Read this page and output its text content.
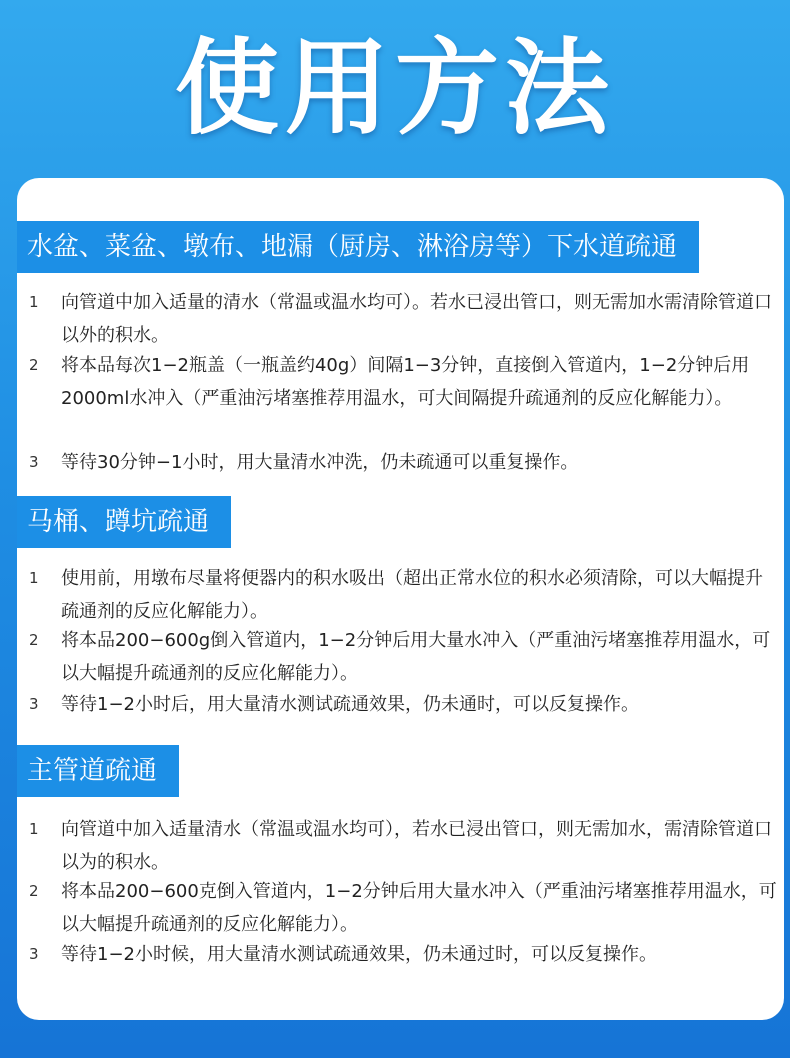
使用方法
水盆、菜盆、墩布、地漏（厨房、淋浴房等）下水道疏通
1	向管道中加入适量的清水（常温或温水均可）。若水已浸出管口，则无需加水需清除管道口以外的积水。
2	将本品每次1−2瓶盖（一瓶盖约40g）间隔1−3分钟，直接倒入管道内，1−2分钟后用2000ml水冲入（严重油污堵塞推荐用温水，可大间隔提升疏通剂的反应化解能力）。
3	等待30分钟−1小时，用大量清水冲洗，仍未疏通可以重复操作。
马桶、蹲坑疏通
1	使用前，用墩布尽量将便器内的积水吸出（超出正常水位的积水必须清除，可以大幅提升疏通剂的反应化解能力）。
2	将本品200−600g倒入管道内，1−2分钟后用大量水冲入（严重油污堵塞推荐用温水，可以大幅提升疏通剂的反应化解能力）。
3	等待1−2小时后，用大量清水测试疏通效果，仍未通时，可以反复操作。
主管道疏通
1	向管道中加入适量清水（常温或温水均可），若水已浸出管口，则无需加水，需清除管道口以为的积水。
2	将本品200−600克倒入管道内，1−2分钟后用大量水冲入（严重油污堵塞推荐用温水，可以大幅提升疏通剂的反应化解能力）。
3	等待1−2小时候，用大量清水测试疏通效果，仍未通过时，可以反复操作。
